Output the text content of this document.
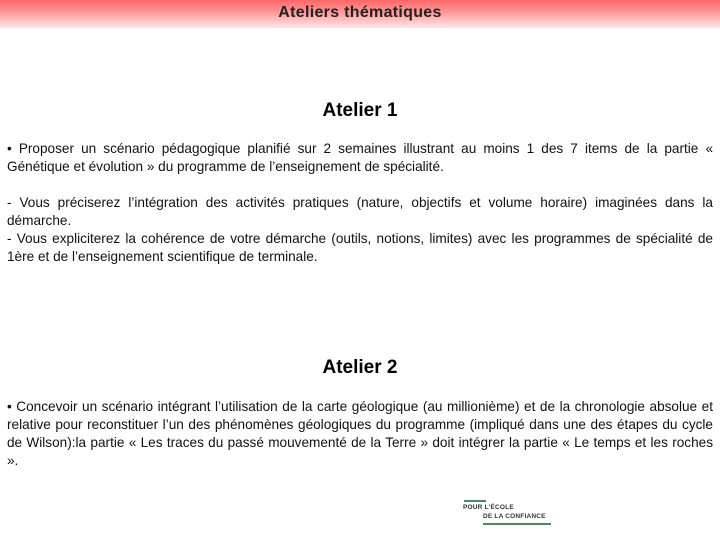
Ateliers thématiques
Atelier 1

• Proposer un scénario pédagogique planifié sur 2 semaines illustrant au moins 1 des 7 items de la partie « Génétique et évolution » du programme de l’enseignement de spécialité.

- Vous préciserez l’intégration des activités pratiques (nature, objectifs et volume horaire) imaginées dans la démarche.

- Vous expliciterez la cohérence de votre démarche (outils, notions, limites) avec les programmes de spécialité de 1ère et de l’enseignement scientifique de terminale.

Atelier 2

• Concevoir un scénario intégrant l’utilisation de la carte géologique (au millionième) et de la chronologie absolue et relative pour reconstituer l’un des phénomènes géologiques du programme (impliqué dans une des étapes du cycle de Wilson):la partie « Les traces du passé mouvementé de la Terre » doit intégrer la partie « Le temps et les roches ».

POUR L'ÉCOLE
DE LA CONFIANCE
